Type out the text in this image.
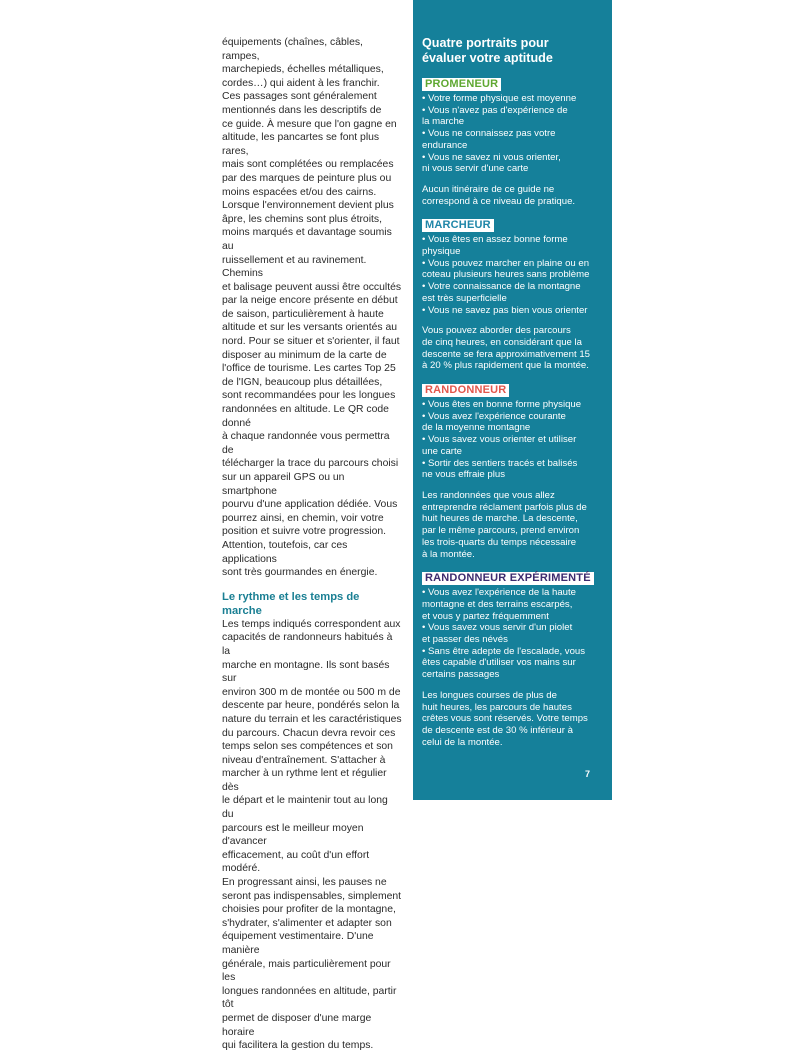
équipements (chaînes, câbles, rampes,
marchepieds, échelles métalliques,
cordes…) qui aident à les franchir.
Ces passages sont généralement
mentionnés dans les descriptifs de
ce guide. À mesure que l'on gagne en
altitude, les pancartes se font plus rares,
mais sont complétées ou remplacées
par des marques de peinture plus ou
moins espacées et/ou des cairns.
Lorsque l'environnement devient plus
âpre, les chemins sont plus étroits,
moins marqués et davantage soumis au
ruissellement et au ravinement. Chemins
et balisage peuvent aussi être occultés
par la neige encore présente en début
de saison, particulièrement à haute
altitude et sur les versants orientés au
nord. Pour se situer et s'orienter, il faut
disposer au minimum de la carte de
l'office de tourisme. Les cartes Top 25
de l'IGN, beaucoup plus détaillées,
sont recommandées pour les longues
randonnées en altitude. Le QR code donné
à chaque randonnée vous permettra de
télécharger la trace du parcours choisi
sur un appareil GPS ou un smartphone
pourvu d'une application dédiée. Vous
pourrez ainsi, en chemin, voir votre
position et suivre votre progression.
Attention, toutefois, car ces applications
sont très gourmandes en énergie.

Le rythme et les temps de marche

Les temps indiqués correspondent aux
capacités de randonneurs habitués à la
marche en montagne. Ils sont basés sur
environ 300 m de montée ou 500 m de
descente par heure, pondérés selon la
nature du terrain et les caractéristiques
du parcours. Chacun devra revoir ces
temps selon ses compétences et son
niveau d'entraînement. S'attacher à
marcher à un rythme lent et régulier dès
le départ et le maintenir tout au long du
parcours est le meilleur moyen d'avancer
efficacement, au coût d'un effort modéré.
En progressant ainsi, les pauses ne
seront pas indispensables, simplement
choisies pour profiter de la montagne,
s'hydrater, s'alimenter et adapter son
équipement vestimentaire. D'une manière
générale, mais particulièrement pour les
longues randonnées en altitude, partir tôt
permet de disposer d'une marge horaire
qui facilitera la gestion du temps.

Quatre portraits pour
évaluer votre aptitude
PROMENEUR
• Votre forme physique est moyenne
• Vous n'avez pas d'expérience de
la marche
• Vous ne connaissez pas votre
endurance
• Vous ne savez ni vous orienter,
ni vous servir d'une carte

Aucun itinéraire de ce guide ne
correspond à ce niveau de pratique.

MARCHEUR
• Vous êtes en assez bonne forme
physique
• Vous pouvez marcher en plaine ou en
coteau plusieurs heures sans problème
• Votre connaissance de la montagne
est très superficielle
• Vous ne savez pas bien vous orienter

Vous pouvez aborder des parcours
de cinq heures, en considérant que la
descente se fera approximativement 15
à 20 % plus rapidement que la montée.

RANDONNEUR
• Vous êtes en bonne forme physique
• Vous avez l'expérience courante
de la moyenne montagne
• Vous savez vous orienter et utiliser
une carte
• Sortir des sentiers tracés et balisés
ne vous effraie plus

Les randonnées que vous allez
entreprendre réclament parfois plus de
huit heures de marche. La descente,
par le même parcours, prend environ
les trois-quarts du temps nécessaire
à la montée.

RANDONNEUR EXPÉRIMENTÉ
• Vous avez l'expérience de la haute
montagne et des terrains escarpés,
et vous y partez fréquemment
• Vous savez vous servir d'un piolet
et passer des névés
• Sans être adepte de l'escalade, vous
êtes capable d'utiliser vos mains sur
certains passages

Les longues courses de plus de
huit heures, les parcours de hautes
crêtes vous sont réservés. Votre temps
de descente est de 30 % inférieur à
celui de la montée.

7
